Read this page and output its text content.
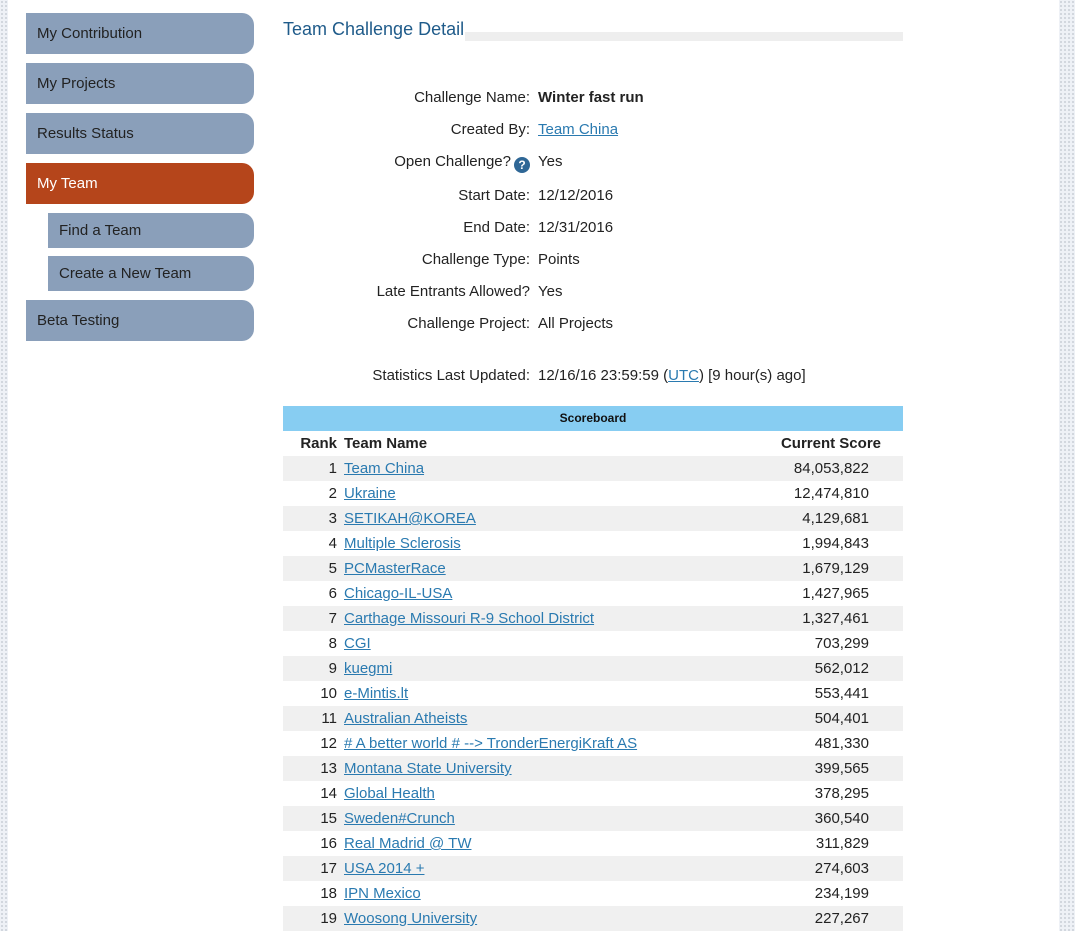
My Contribution
My Projects
Results Status
My Team
Find a Team
Create a New Team
Beta Testing
Team Challenge Detail
Challenge Name: Winter fast run
Created By: Team China
Open Challenge? ? Yes
Start Date: 12/12/2016
End Date: 12/31/2016
Challenge Type: Points
Late Entrants Allowed? Yes
Challenge Project: All Projects
Statistics Last Updated: 12/16/16 23:59:59 (UTC) [9 hour(s) ago]
Scoreboard
Rank Team Name	Current Score
1 Team China	84,053,822
2 Ukraine	12,474,810
3 SETIKAH@KOREA	4,129,681
4 Multiple Sclerosis	1,994,843
5 PCMasterRace	1,679,129
6 Chicago-IL-USA	1,427,965
7 Carthage Missouri R-9 School District	1,327,461
8 CGI	703,299
9 kuegmi	562,012
10 e-Mintis.lt	553,441
11 Australian Atheists	504,401
12 # A better world # --> TronderEnergiKraft AS	481,330
13 Montana State University	399,565
14 Global Health	378,295
15 Sweden#Crunch	360,540
16 Real Madrid @ TW	311,829
17 USA 2014 +	274,603
18 IPN Mexico	234,199
19 Woosong University	227,267
